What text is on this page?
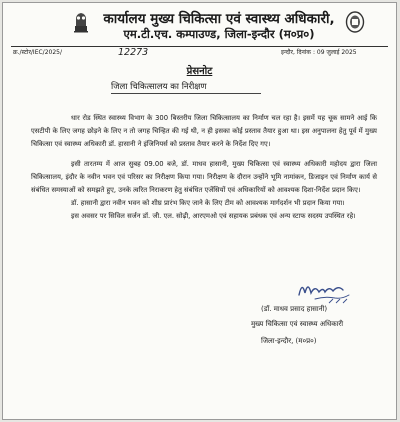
कार्यालय मुख्य चिकित्सा एवं स्वास्थ्य अधिकारी,
एम.टी.एच. कम्पाउण्ड, जिला-इन्दौर (म०प्र०)
क्र./स्टोर/IEC/2025/	12273	इन्दौर, दिनांक : 09 जुलाई 2025
प्रेसनोट
जिला चिकित्सालय का निरीक्षण

धार रोड स्थित स्वास्थ्य विभाग के 300 बिस्तरीय जिला चिकित्सालय का निर्माण चल रहा है। इसमें यह चूक सामने आई कि एसटीपी के लिए जगह छोड़ने के लिए न तो जगह चिन्हित की गई थी, न ही इसका कोई प्रस्ताव तैयार हुआ था। इस अनुपालना हेतु पूर्व में मुख्य चिकित्सा एवं स्वास्थ्य अधिकारी डॉ. हासानी ने इंजिनियर्स को प्रस्ताव तैयार करने के निर्देश दिए गए।

इसी तारतम्य में आज सुबह 09.00 बजे, डॉ. माधव हासानी, मुख्य चिकित्सा एवं स्वास्थ्य अधिकारी महोदय द्वारा जिला चिकित्सालय, इंदौर के नवीन भवन एवं परिसर का निरीक्षण किया गया। निरीक्षण के दौरान उन्होंने भूमि नामांकन, डिजाइन एवं निर्माण कार्य से संबंधित समस्याओं को समझते हुए, उनके त्वरित निराकरण हेतु संबंधित एजेंसियों एवं अधिकारियों को आवश्यक दिशा-निर्देश प्रदान किए।

डॉ. हासानी द्वारा नवीन भवन को शीघ्र प्रारंभ किए जाने के लिए टीम को आवश्यक मार्गदर्शन भी प्रदान किया गया।

इस अवसर पर सिविल सर्जन डॉ. जी. एल. सोढ़ी, आरएमओ एवं सहायक प्रबंधक एवं अन्य स्टाफ सदस्य उपस्थित रहे।

(डॉ. माधव प्रसाद हासानी)
मुख्य चिकित्सा एवं स्वास्थ्य अधिकारी
जिला-इन्दौर, (म०प्र०)
